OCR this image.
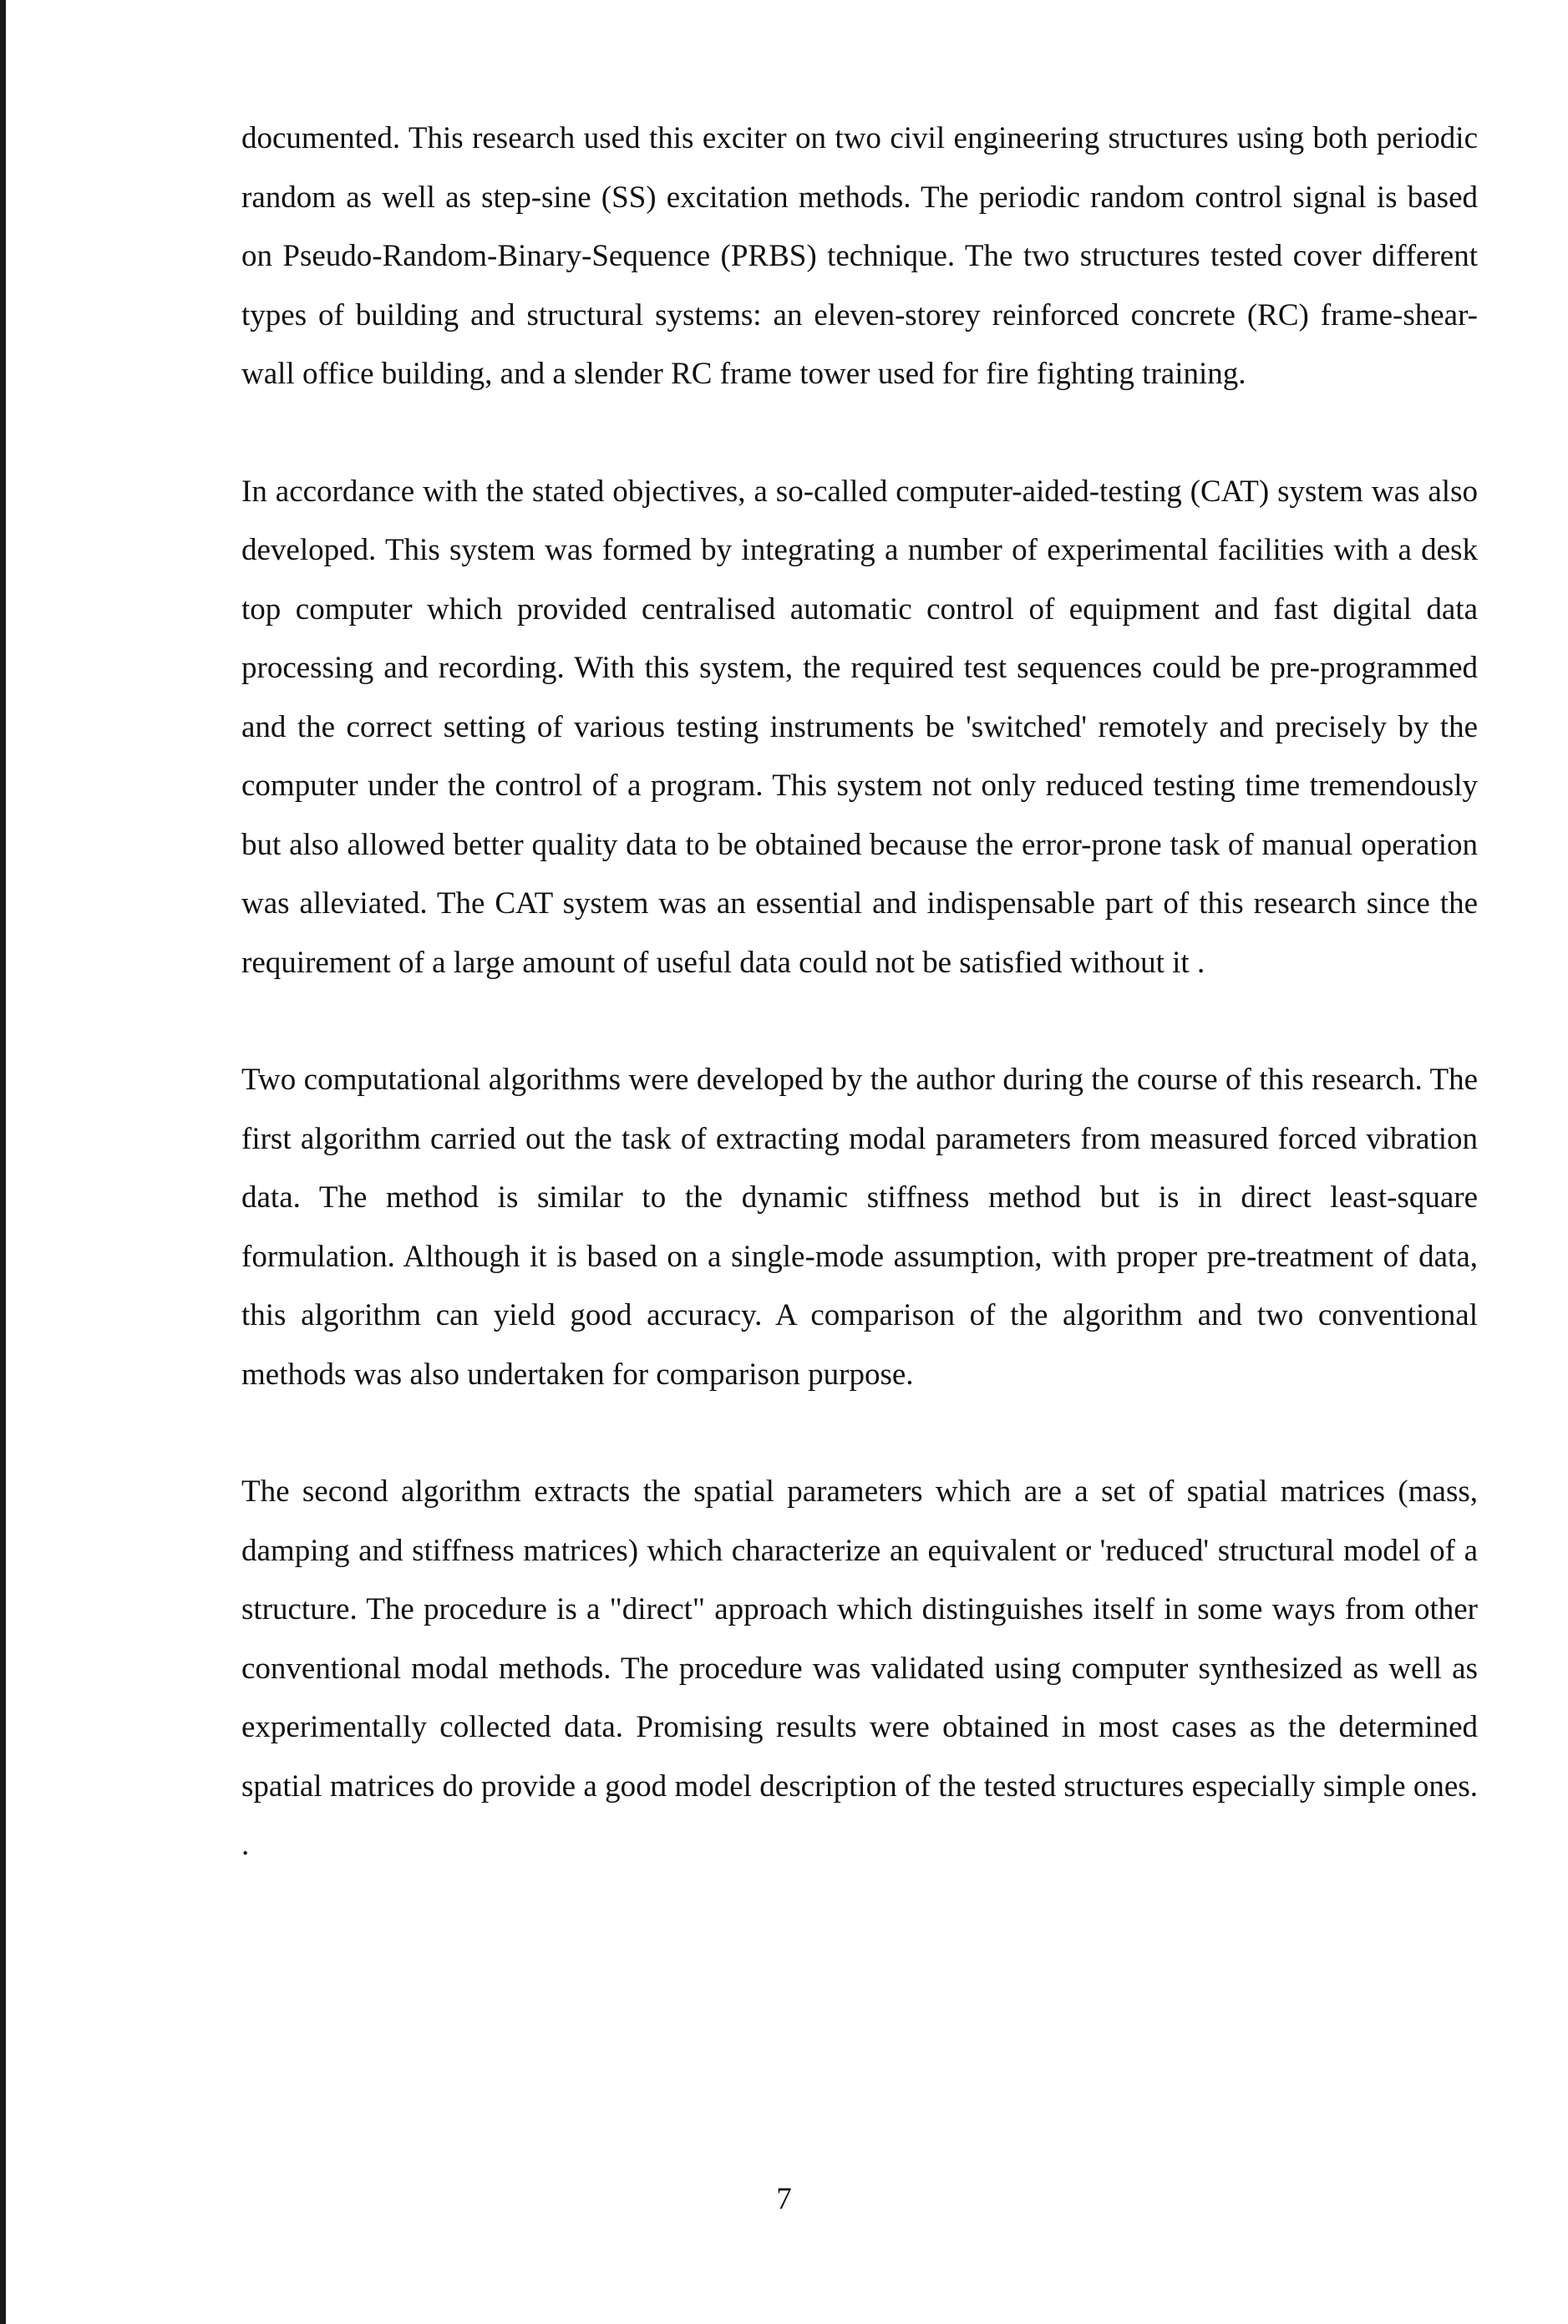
documented. This research used this exciter on two civil engineering structures using both periodic random as well as step-sine (SS) excitation methods. The periodic random control signal is based on Pseudo-Random-Binary-Sequence (PRBS) technique. The two structures tested cover different types of building and structural systems: an eleven-storey reinforced concrete (RC) frame-shear-wall office building, and a slender RC frame tower used for fire fighting training.

In accordance with the stated objectives, a so-called computer-aided-testing (CAT) system was also developed. This system was formed by integrating a number of experimental facilities with a desk top computer which provided centralised automatic control of equipment and fast digital data processing and recording. With this system, the required test sequences could be pre-programmed and the correct setting of various testing instruments be 'switched' remotely and precisely by the computer under the control of a program. This system not only reduced testing time tremendously but also allowed better quality data to be obtained because the error-prone task of manual operation was alleviated. The CAT system was an essential and indispensable part of this research since the requirement of a large amount of useful data could not be satisfied without it .

Two computational algorithms were developed by the author during the course of this research. The first algorithm carried out the task of extracting modal parameters from measured forced vibration data. The method is similar to the dynamic stiffness method but is in direct least-square formulation. Although it is based on a single-mode assumption, with proper pre-treatment of data, this algorithm can yield good accuracy. A comparison of the algorithm and two conventional methods was also undertaken for comparison purpose.

The second algorithm extracts the spatial parameters which are a set of spatial matrices (mass, damping and stiffness matrices) which characterize an equivalent or 'reduced' structural model of a structure. The procedure is a "direct" approach which distinguishes itself in some ways from other conventional modal methods. The procedure was validated using computer synthesized as well as experimentally collected data. Promising results were obtained in most cases as the determined spatial matrices do provide a good model description of the tested structures especially simple ones. .

7
